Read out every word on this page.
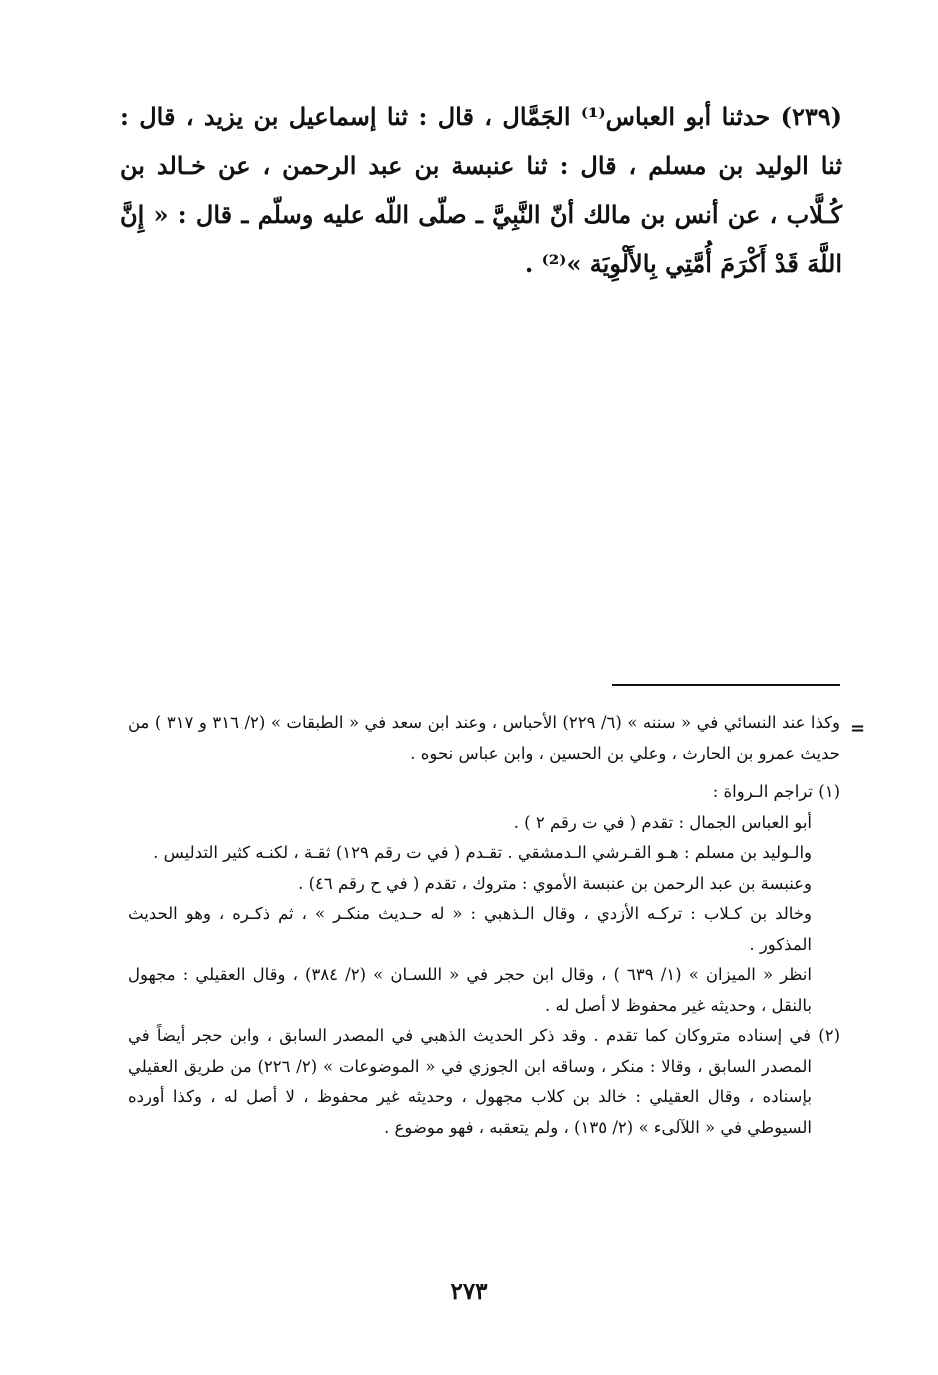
(٢٣٩) حدثنا أبو العباس⁽¹⁾ الجَمَّال ، قال : ثنا إسماعيل بن يزيد ، قال : ثنا الوليد بن مسلم ، قال : ثنا عنبسة بن عبد الرحمن ، عن خـالد بن كُـلَّاب ، عن أنس بن مالك أنّ النَّبِيَّ ـ صلّى اللّه عليه وسلّم ـ قال : « إِنَّ اللَّهَ قَدْ أَكْرَمَ أُمَّتِي بِالأَلْوِيَة »⁽²⁾ .

=

وكذا عند النسائي في « سننه » (٦/ ٢٢٩) الأحباس ، وعند ابن سعد في « الطبقات » (٢/ ٣١٦ و ٣١٧ ) من حديث عمرو بن الحارث ، وعلي بن الحسين ، وابن عباس نحوه .

(١) تراجم الـرواة :

أبو العباس الجمال : تقدم ( في ت رقم ٢ ) .

والـوليد بن مسلم : هـو القـرشي الـدمشقي . تقـدم ( في ت رقم ١٢٩) ثقـة ، لكنـه كثير التدليس .

وعنبسة بن عبد الرحمن بن عنبسة الأموي : متروك ، تقدم ( في ح رقم ٤٦) .

وخالد بن كـلاب : تركـه الأزدي ، وقال الـذهبي : « له حـديث منكـر » ، ثم ذكـره ، وهو الحديث المذكور .

انظر « الميزان » (١/ ٦٣٩ ) ، وقال ابن حجر في « اللسـان » (٢/ ٣٨٤) ، وقال العقيلي : مجهول بالنقل ، وحديثه غير محفوظ لا أصل له .

(٢) في إسناده متروكان كما تقدم . وقد ذكر الحديث الذهبي في المصدر السابق ، وابن حجر أيضاً في المصدر السابق ، وقالا : منكر ، وساقه ابن الجوزي في « الموضوعات » (٢/ ٢٢٦) من طريق العقيلي بإسناده ، وقال العقيلي : خالد بن كلاب مجهول ، وحديثه غير محفوظ ، لا أصل له ، وكذا أورده السيوطي في « اللآلىء » (٢/ ١٣٥) ، ولم يتعقبه ، فهو موضوع .

٢٧٣
